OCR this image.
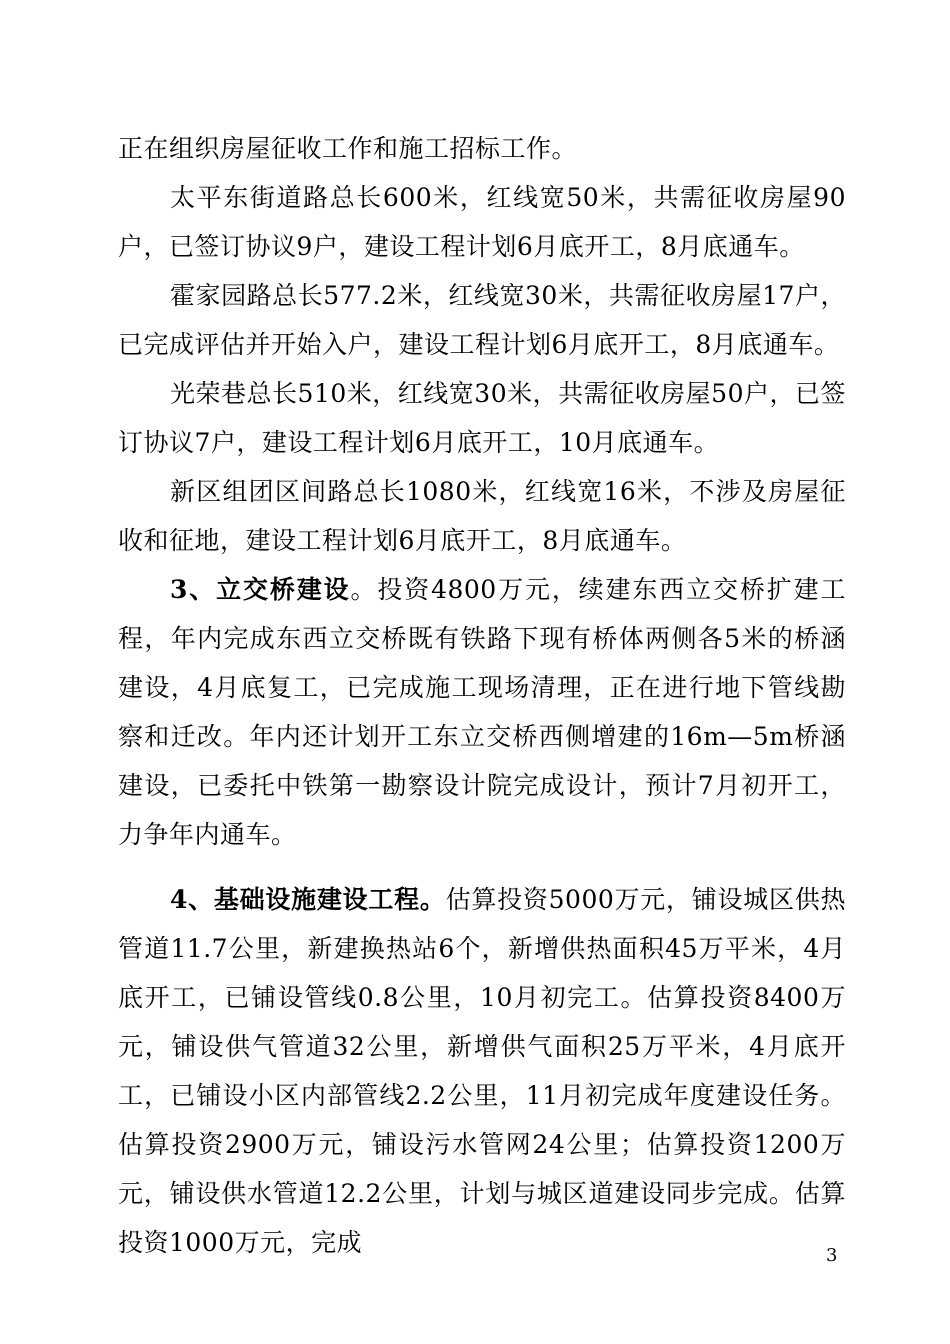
正在组织房屋征收工作和施工招标工作。

太平东街道路总长600米，红线宽50米，共需征收房屋90户，已签订协议9户，建设工程计划6月底开工，8月底通车。

霍家园路总长577.2米，红线宽30米，共需征收房屋17户，已完成评估并开始入户，建设工程计划6月底开工，8月底通车。

光荣巷总长510米，红线宽30米，共需征收房屋50户，已签订协议7户，建设工程计划6月底开工，10月底通车。

新区组团区间路总长1080米，红线宽16米，不涉及房屋征收和征地，建设工程计划6月底开工，8月底通车。

3、立交桥建设。投资4800万元，续建东西立交桥扩建工程，年内完成东西立交桥既有铁路下现有桥体两侧各5米的桥涵建设，4月底复工，已完成施工现场清理，正在进行地下管线勘察和迁改。年内还计划开工东立交桥西侧增建的16m—5m桥涵建设，已委托中铁第一勘察设计院完成设计，预计7月初开工，力争年内通车。

4、基础设施建设工程。估算投资5000万元，铺设城区供热管道11.7公里，新建换热站6个，新增供热面积45万平米，4月底开工，已铺设管线0.8公里，10月初完工。估算投资8400万元，铺设供气管道32公里，新增供气面积25万平米，4月底开工，已铺设小区内部管线2.2公里，11月初完成年度建设任务。估算投资2900万元，铺设污水管网24公里；估算投资1200万元，铺设供水管道12.2公里，计划与城区道建设同步完成。估算投资1000万元，完成	3
